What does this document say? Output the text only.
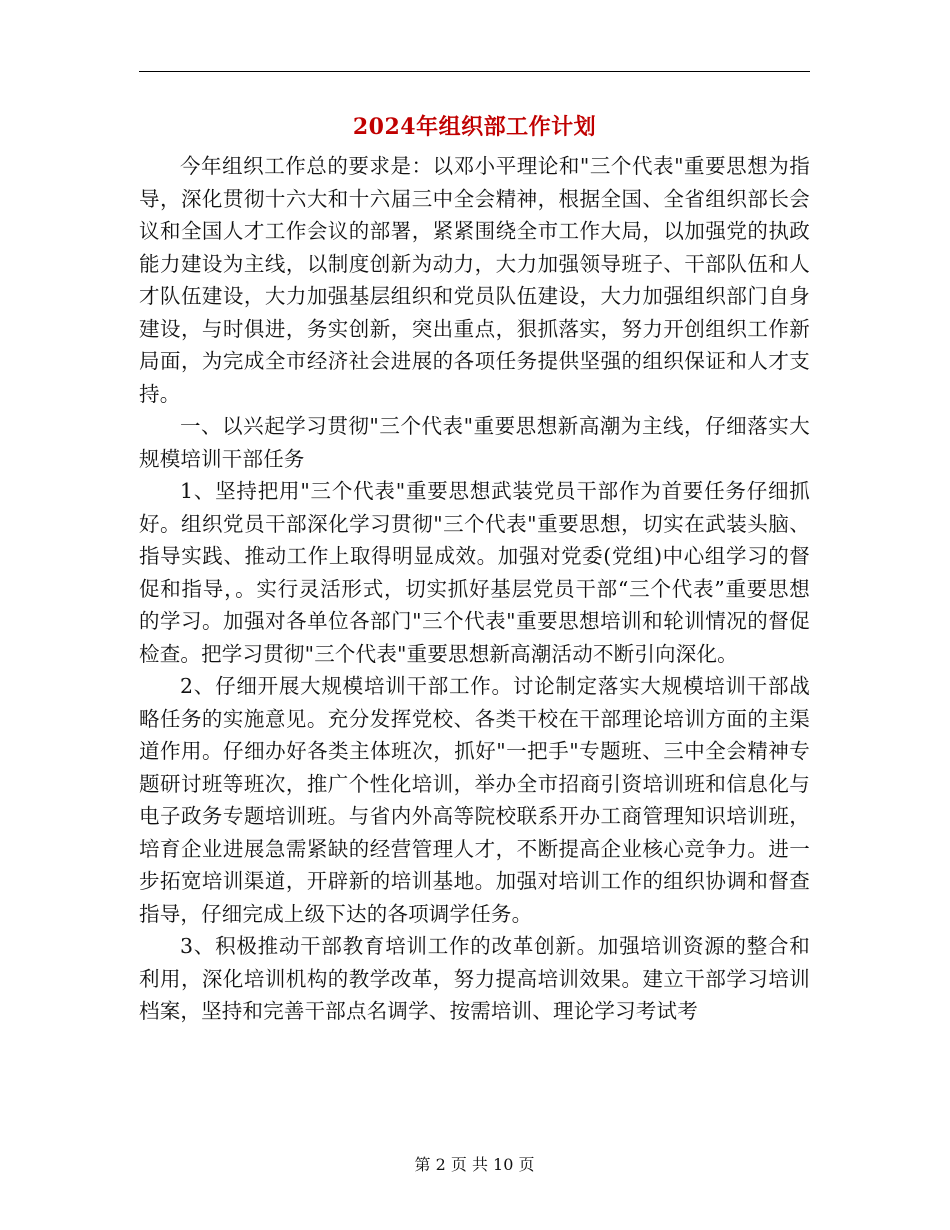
2024年组织部工作计划

今年组织工作总的要求是：以邓小平理论和"三个代表"重要思想为指导，深化贯彻十六大和十六届三中全会精神，根据全国、全省组织部长会议和全国人才工作会议的部署，紧紧围绕全市工作大局，以加强党的执政能力建设为主线，以制度创新为动力，大力加强领导班子、干部队伍和人才队伍建设，大力加强基层组织和党员队伍建设，大力加强组织部门自身建设，与时俱进，务实创新，突出重点，狠抓落实，努力开创组织工作新局面，为完成全市经济社会进展的各项任务提供坚强的组织保证和人才支持。

一、以兴起学习贯彻"三个代表"重要思想新高潮为主线，仔细落实大规模培训干部任务

1、坚持把用"三个代表"重要思想武装党员干部作为首要任务仔细抓好。组织党员干部深化学习贯彻"三个代表"重要思想，切实在武装头脑、指导实践、推动工作上取得明显成效。加强对党委(党组)中心组学习的督促和指导，。实行灵活形式，切实抓好基层党员干部“三个代表”重要思想的学习。加强对各单位各部门"三个代表"重要思想培训和轮训情况的督促检查。把学习贯彻"三个代表"重要思想新高潮活动不断引向深化。

2、仔细开展大规模培训干部工作。讨论制定落实大规模培训干部战略任务的实施意见。充分发挥党校、各类干校在干部理论培训方面的主渠道作用。仔细办好各类主体班次，抓好"一把手"专题班、三中全会精神专题研讨班等班次，推广个性化培训，举办全市招商引资培训班和信息化与电子政务专题培训班。与省内外高等院校联系开办工商管理知识培训班，培育企业进展急需紧缺的经营管理人才，不断提高企业核心竞争力。进一步拓宽培训渠道，开辟新的培训基地。加强对培训工作的组织协调和督查指导，仔细完成上级下达的各项调学任务。

3、积极推动干部教育培训工作的改革创新。加强培训资源的整合和利用，深化培训机构的教学改革，努力提高培训效果。建立干部学习培训档案，坚持和完善干部点名调学、按需培训、理论学习考试考

第 2 页 共 10 页
